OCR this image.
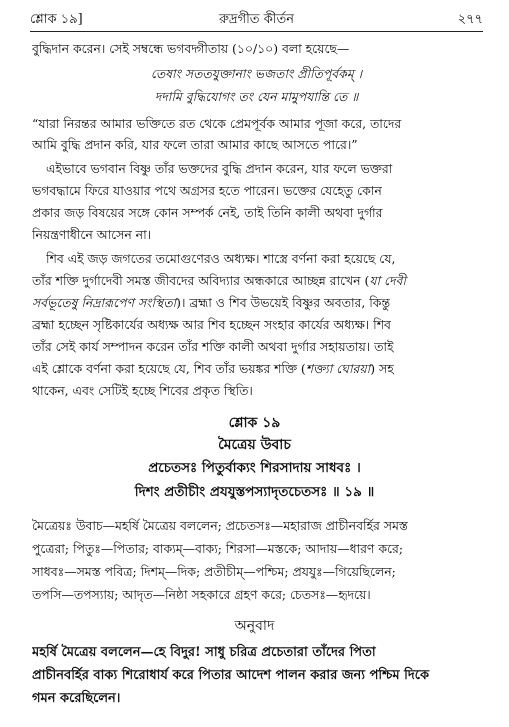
শ্লোক ১৯]	রুদ্রগীত কীর্তন	২৭৭
বুদ্ধিদান করেন। সেই সম্বন্ধে ভগবদ্গীতায় (১০/১০) বলা হয়েছে—
তেষাং সততযুক্তানাং ভজতাং প্রীতিপূর্বকম্ ।
দদামি বুদ্ধিযোগং তং যেন মামুপযান্তি তে ॥
“যারা নিরন্তর আমার ভক্তিতে রত থেকে প্রেমপূর্বক আমার পূজা করে, তাদের
আমি বুদ্ধি প্রদান করি, যার ফলে তারা আমার কাছে আসতে পারে।”
এইভাবে ভগবান বিষ্ণু তাঁর ভক্তদের বুদ্ধি প্রদান করেন, যার ফলে ভক্তরা
ভগবদ্ধামে ফিরে যাওয়ার পথে অগ্রসর হতে পারেন। ভক্তের যেহেতু কোন
প্রকার জড় বিষয়ের সঙ্গে কোন সম্পর্ক নেই, তাই তিনি কালী অথবা দুর্গার
নিয়ন্ত্রণাধীনে আসেন না।
শিব এই জড় জগতের তমোগুণেরও অধ্যক্ষ। শাস্ত্রে বর্ণনা করা হয়েছে যে,
তাঁর শক্তি দুর্গাদেবী সমস্ত জীবদের অবিদ্যার অন্ধকারে আচ্ছন্ন রাখেন (যা দেবী
সর্বভূতেষু নিদ্রারূপেণ সংস্থিতা)। ব্রহ্মা ও শিব উভয়েই বিষ্ণুর অবতার, কিন্তু
ব্রহ্মা হচ্ছেন সৃষ্টিকার্যের অধ্যক্ষ আর শিব হচ্ছেন সংহার কার্যের অধ্যক্ষ। শিব
তাঁর সেই কার্য সম্পাদন করেন তাঁর শক্তি কালী অথবা দুর্গার সহায়তায়। তাই
এই শ্লোকে বর্ণনা করা হয়েছে যে, শিব তাঁর ভয়ঙ্কর শক্তি (শক্ত্যা ঘোরয়া) সহ
থাকেন, এবং সেটিই হচ্ছে শিবের প্রকৃত স্থিতি।
শ্লোক ১৯
মৈত্রেয় উবাচ
প্রচেতসঃ পিতুর্বাক্যং শিরসাদায় সাধবঃ ।
দিশং প্রতীচীং প্রযযুস্তপস্যাদৃতচেতসঃ ॥ ১৯ ॥
মৈত্রেয়ঃ উবাচ—মহর্ষি মৈত্রেয় বললেন; প্রচেতসঃ—মহারাজ প্রাচীনবর্হির সমস্ত
পুত্রেরা; পিতুঃ—পিতার; বাক্যম্—বাক্য; শিরসা—মস্তকে; আদায়—ধারণ করে;
সাধবঃ—সমস্ত পবিত্র; দিশম্—দিক; প্রতীচীম্—পশ্চিম; প্রযযুঃ—গিয়েছিলেন;
তপসি—তপস্যায়; আদৃত—নিষ্ঠা সহকারে গ্রহণ করে; চেতসঃ—হৃদয়ে।
অনুবাদ
মহর্ষি মৈত্রেয় বললেন—হে বিদুর! সাধু চরিত্র প্রচেতারা তাঁদের পিতা
প্রাচীনবর্হির বাক্য শিরোধার্য করে পিতার আদেশ পালন করার জন্য পশ্চিম দিকে
গমন করেছিলেন।
